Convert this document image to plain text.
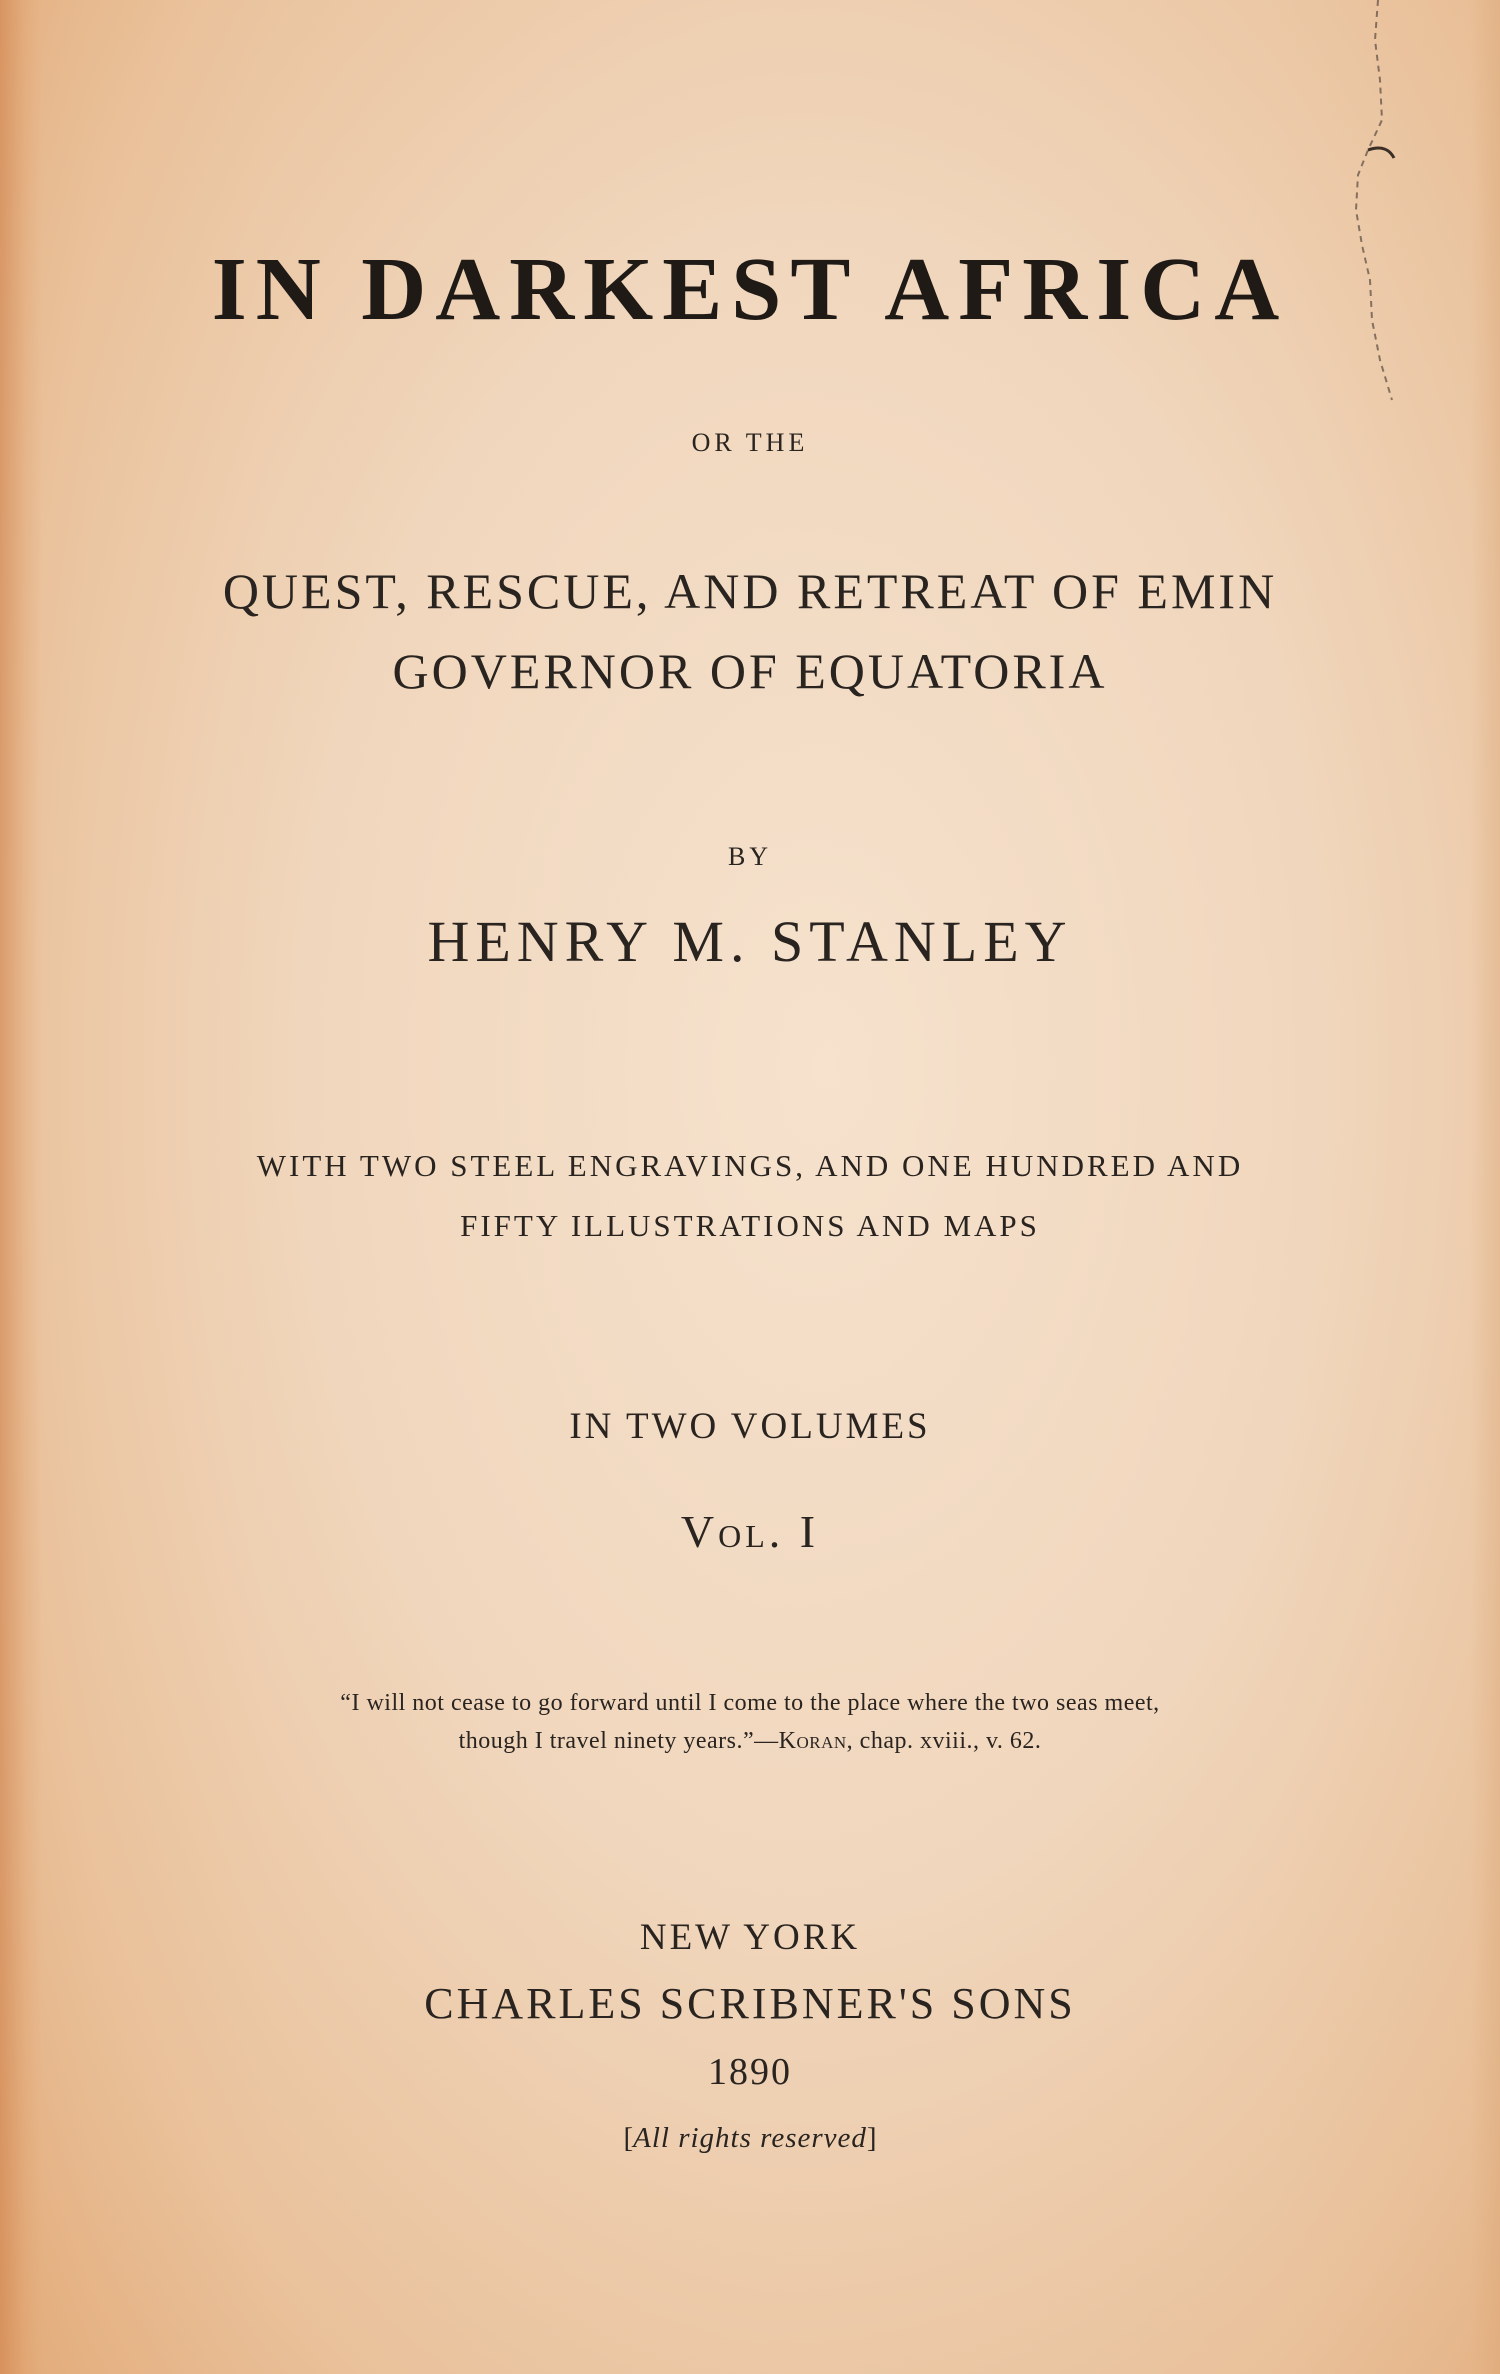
IN DARKEST AFRICA
OR THE
QUEST, RESCUE, AND RETREAT OF EMIN
GOVERNOR OF EQUATORIA
BY
HENRY M. STANLEY
WITH TWO STEEL ENGRAVINGS, AND ONE HUNDRED AND
FIFTY ILLUSTRATIONS AND MAPS
IN TWO VOLUMES
Vol. I
“I will not cease to go forward until I come to the place where the two seas meet,
though I travel ninety years.”—Koran, chap. xviii., v. 62.
NEW YORK
CHARLES SCRIBNER'S SONS
1890
[All rights reserved]
